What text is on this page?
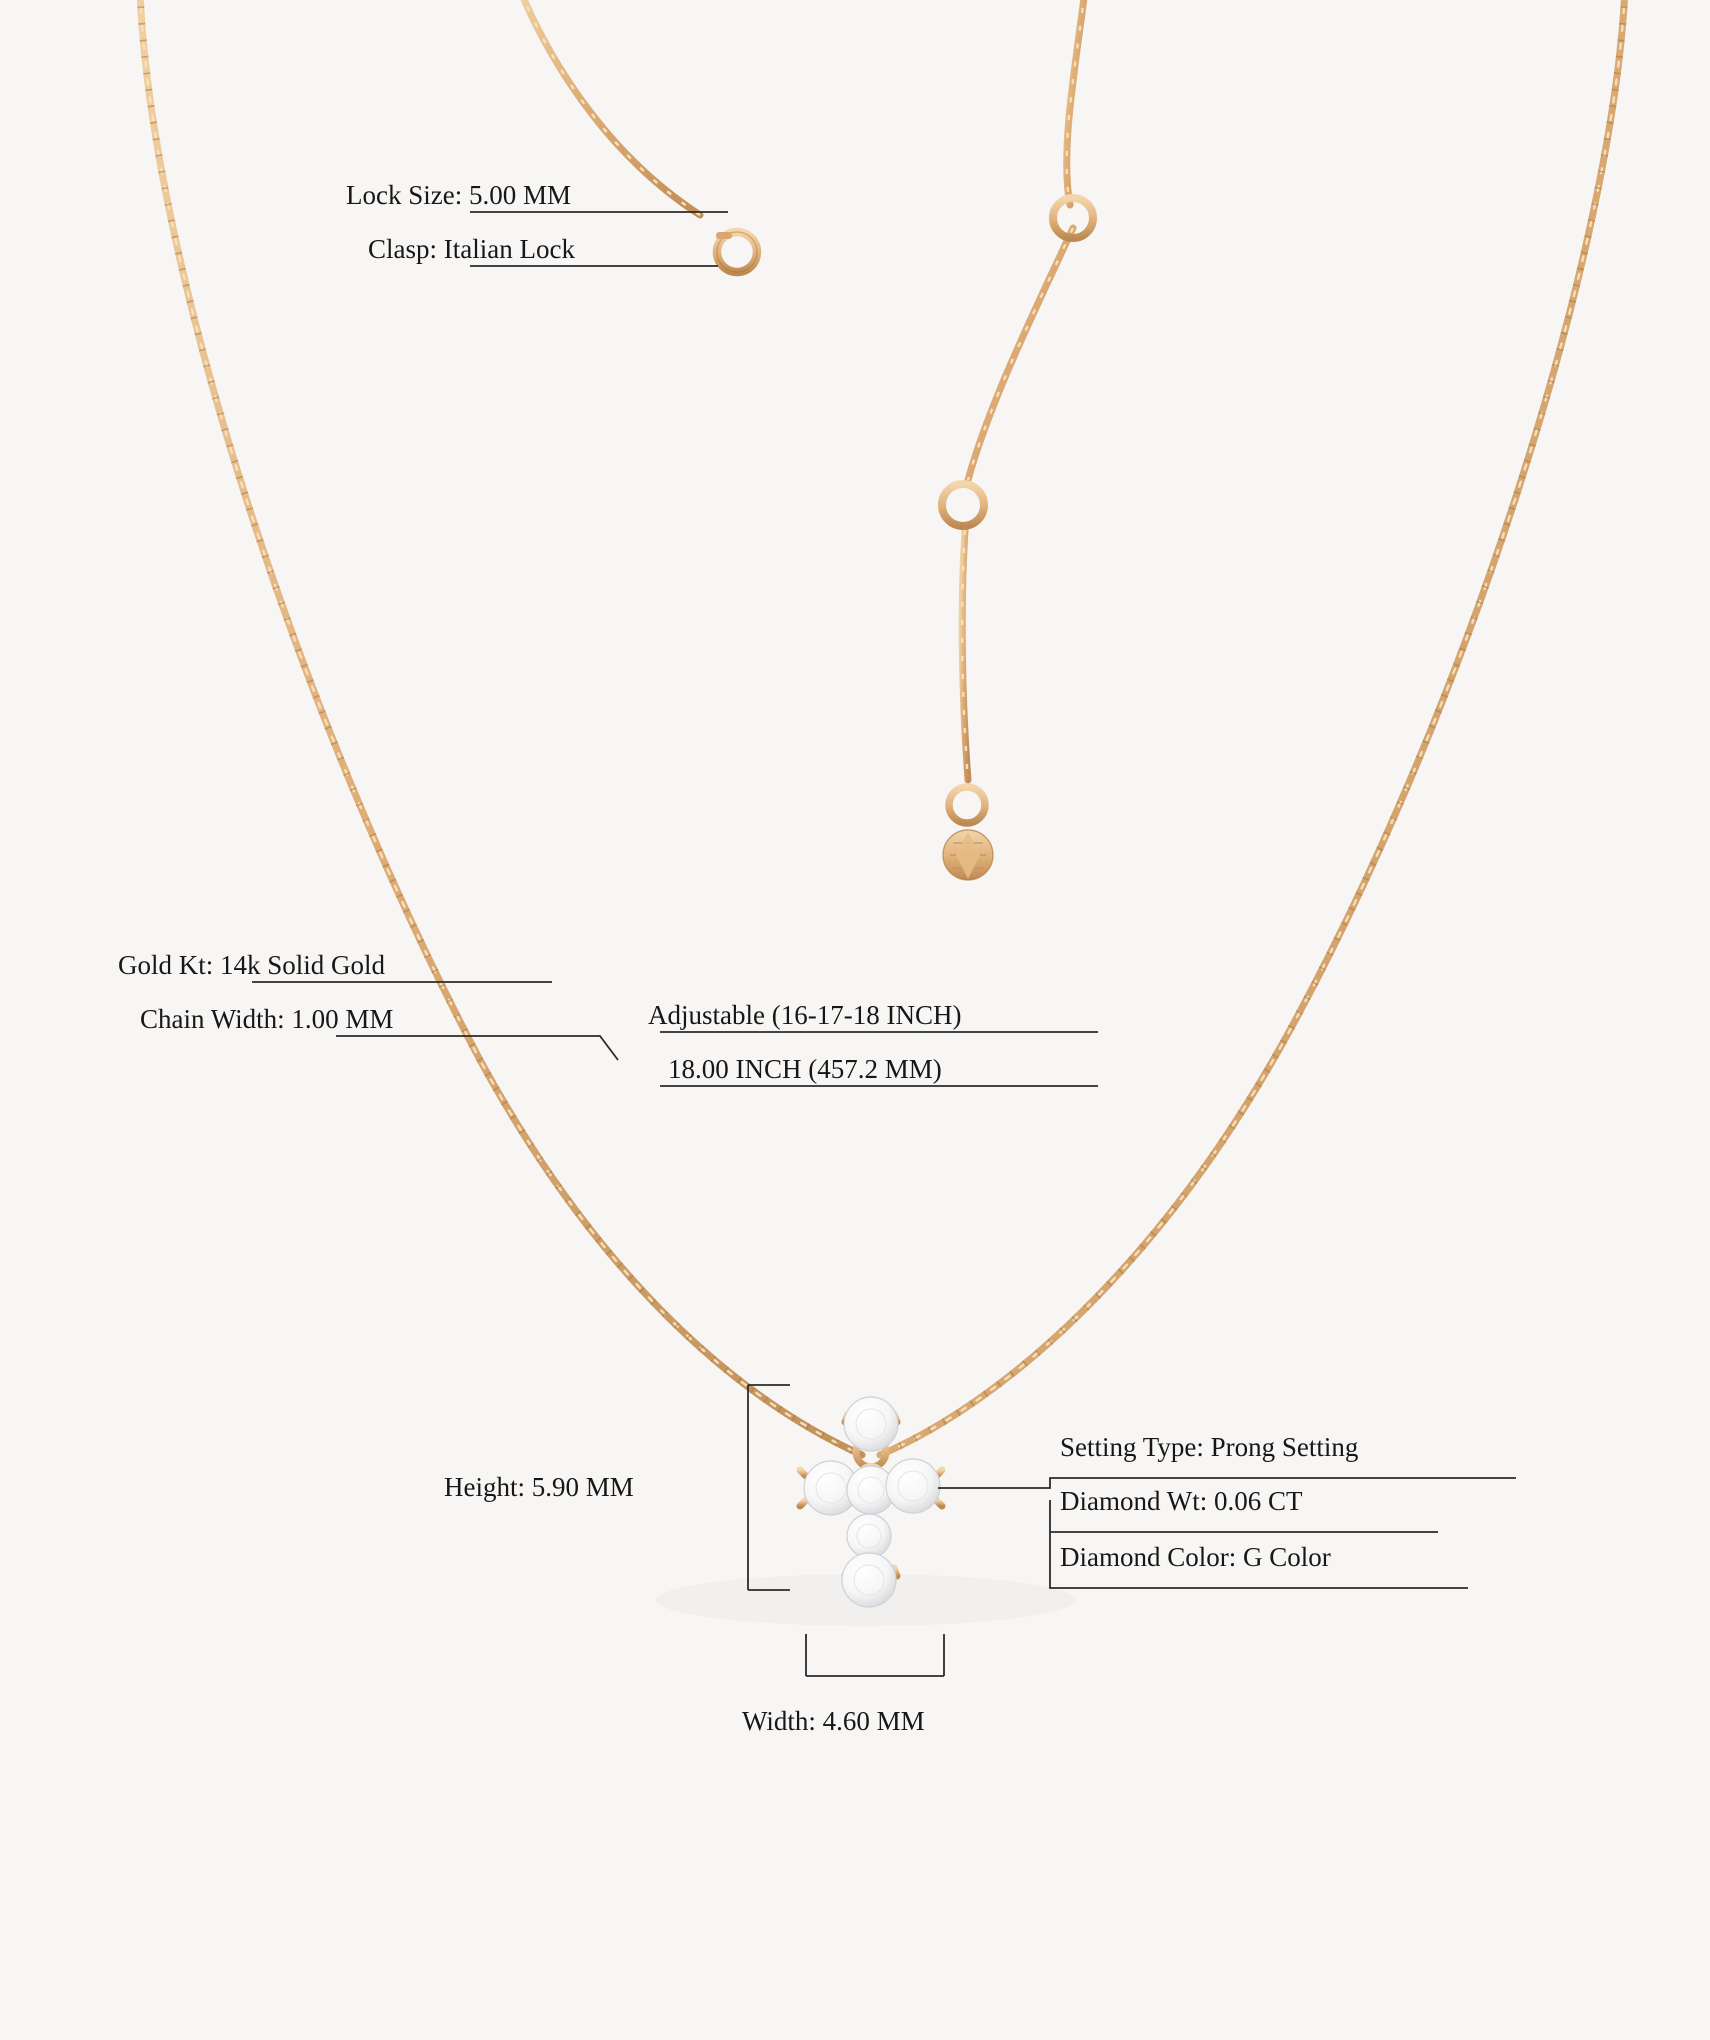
Lock Size: 5.00 MM
Clasp: Italian Lock
Gold Kt: 14k Solid Gold
Chain Width: 1.00 MM	Adjustable (16-17-18 INCH)
18.00 INCH (457.2 MM)
Height: 5.90 MM
Width: 4.60 MM
Setting Type: Prong Setting
Diamond Wt: 0.06 CT
Diamond Color: G Color
